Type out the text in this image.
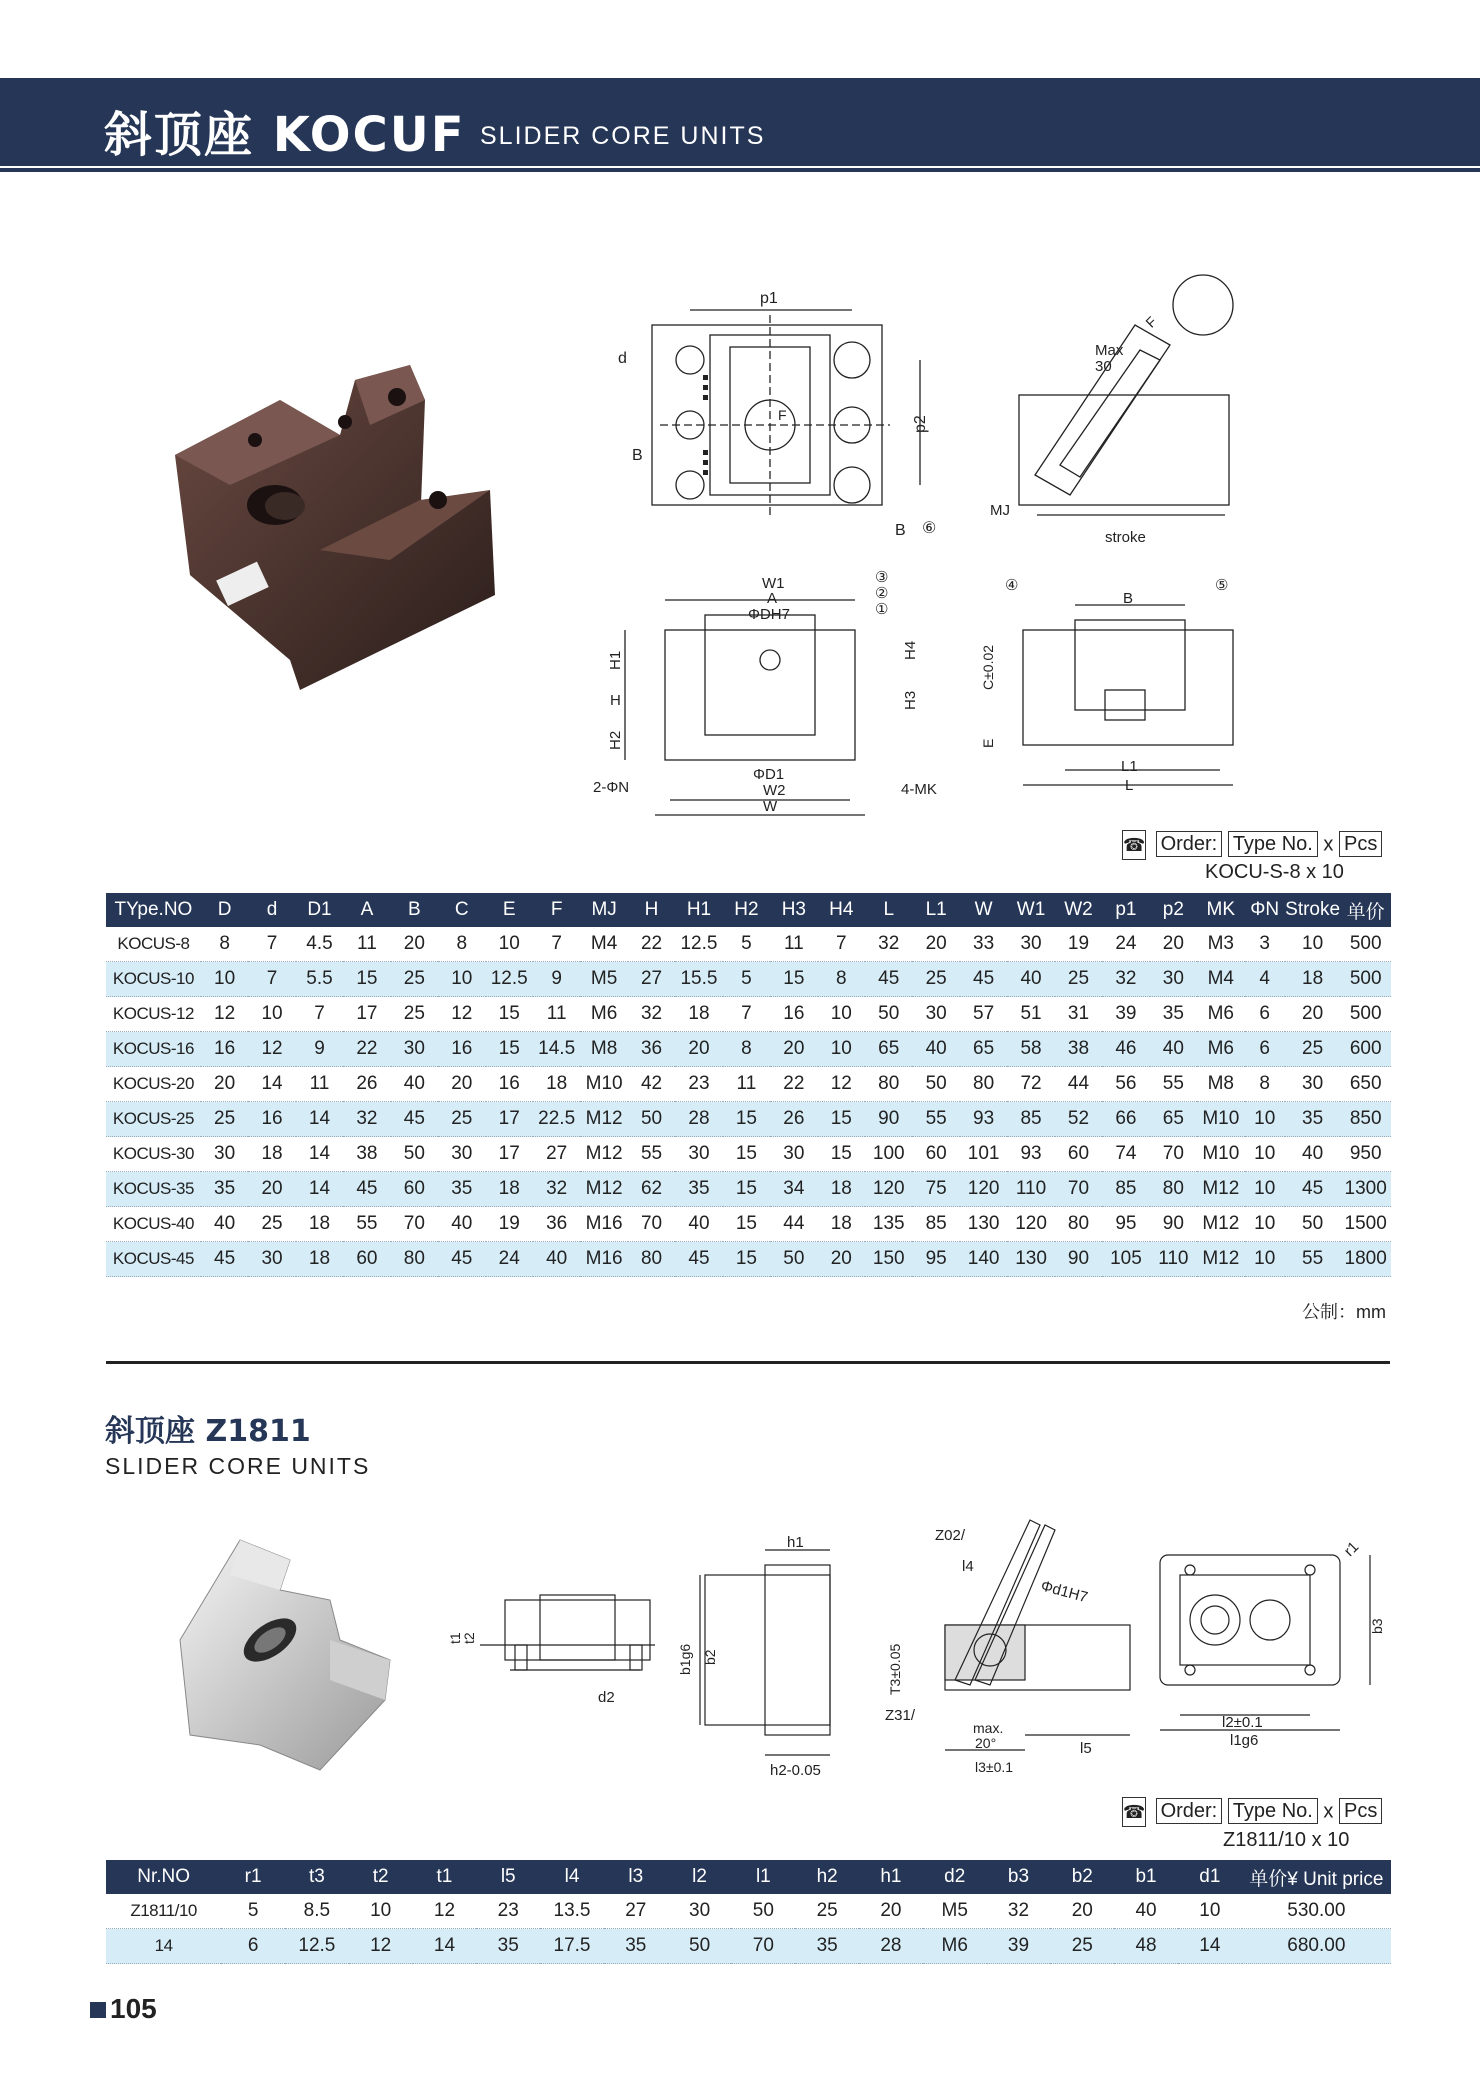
斜顶座 KOCUF SLIDER CORE UNITS
p1
d
B
B
F
p2
⑥
Max
30
F
MJ
stroke
W1
A
ΦDH7
③
②
①
H1
H
H2
H4
H3
ΦD1
W2
W
2-ΦN	4-MK
④
B
⑤
C±0.02
E
L1
L
☎ Order: Type No. x Pcs
KOCU-S-8 x 10
TYpe.NO	D	d	D1	A	B	C	E	F	MJ	H	H1	H2	H3	H4	L	L1	W	W1	W2	p1	p2	MK	ΦN	Stroke	单价
KOCUS-8	8	7	4.5	11	20	8	10	7	M4	22	12.5	5	11	7	32	20	33	30	19	24	20	M3	3	10	500
KOCUS-10	10	7	5.5	15	25	10	12.5	9	M5	27	15.5	5	15	8	45	25	45	40	25	32	30	M4	4	18	500
KOCUS-12	12	10	7	17	25	12	15	11	M6	32	18	7	16	10	50	30	57	51	31	39	35	M6	6	20	500
KOCUS-16	16	12	9	22	30	16	15	14.5	M8	36	20	8	20	10	65	40	65	58	38	46	40	M6	6	25	600
KOCUS-20	20	14	11	26	40	20	16	18	M10	42	23	11	22	12	80	50	80	72	44	56	55	M8	8	30	650
KOCUS-25	25	16	14	32	45	25	17	22.5	M12	50	28	15	26	15	90	55	93	85	52	66	65	M10	10	35	850
KOCUS-30	30	18	14	38	50	30	17	27	M12	55	30	15	30	15	100	60	101	93	60	74	70	M10	10	40	950
KOCUS-35	35	20	14	45	60	35	18	32	M12	62	35	15	34	18	120	75	120	110	70	85	80	M12	10	45	1300
KOCUS-40	40	25	18	55	70	40	19	36	M16	70	40	15	44	18	135	85	130	120	80	95	90	M12	10	50	1500
KOCUS-45	45	30	18	60	80	45	24	40	M16	80	45	15	50	20	150	95	140	130	90	105	110	M12	10	55	1800
公制：mm
斜顶座 Z1811
SLIDER CORE UNITS
t1
t2
d2
h1
b1g6 b2
h2-0.05
Z02/
l4
Φd1H7
T3±0.05
Z31/
max.
20°
l3±0.1
l5
r1
b3
l2±0.1
l1g6
☎ Order: Type No. x Pcs
Z1811/10 x 10
Nr.NO	r1	t3	t2	t1	l5	l4	l3	l2	l1	h2	h1	d2	b3	b2	b1	d1	单价¥ Unit price
Z1811/10	5	8.5	10	12	23	13.5	27	30	50	25	20	M5	32	20	40	10	530.00
14	6	12.5	12	14	35	17.5	35	50	70	35	28	M6	39	25	48	14	680.00
105
